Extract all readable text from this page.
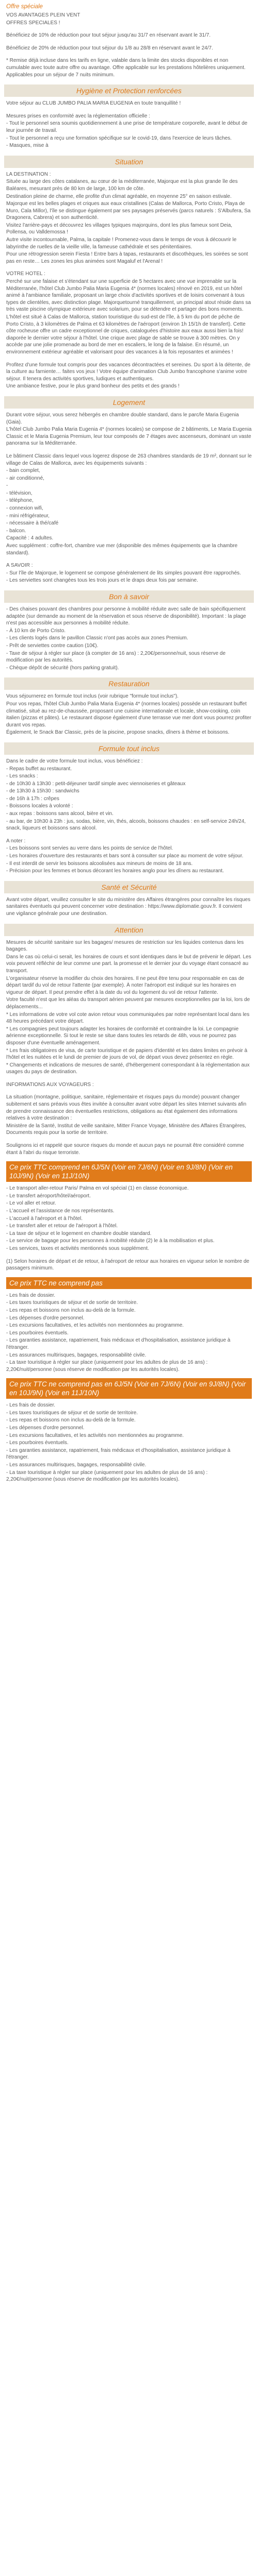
Offre spéciale
VOS AVANTAGES PLEIN VENT
OFFRES SPECIALES !
Bénéficiez de 10% de réduction pour tout séjour jusqu'au 31/7 en réservant avant le 31/7.
Bénéficiez de 20% de réduction pour tout séjour du 1/8 au 28/8 en réservant avant le 24/7.
* Remise déjà incluse dans les tarifs en ligne, valable dans la limite des stocks disponibles et non cumulable avec toute autre offre ou avantage. Offre applicable sur les prestations hôtelières uniquement. Applicables pour un séjour de 7 nuits minimum.
Hygiène et Protection renforcées
Votre séjour au CLUB JUMBO PALIA MARIA EUGENIA en toute tranquillité !
Mesures prises en conformité avec la réglementation officielle :
- Tout le personnel sera soumis quotidiennement à une prise de température corporelle, avant le début de leur journée de travail.
- Tout le personnel a reçu une formation spécifique sur le covid-19, dans l'exercice de leurs tâches.
- Masques, mise à
Situation
LA DESTINATION :
Située au large des côtes catalanes, au cœur de la méditerranée, Majorque est la plus grande île des Baléares, mesurant près de 80 km de large, 100 km de côte.
Destination pleine de charme, elle profite d'un climat agréable, en moyenne 25° en saison estivale.
Majorque est les belles plages et criques aux eaux cristallines (Calas de Mallorca, Porto Cristo, Playa de Muro, Cala Millor), l'île se distingue également par ses paysages préservés (parcs naturels : S'Albufera, Sa Dragonera, Cabrera) et son authenticité.
Visitez l'arrière-pays et découvrez les villages typiques majorquins, dont les plus fameux sont Deia, Pollensa, ou Valldemossa !
Autre visite incontournable, Palma, la capitale ! Promenez-vous dans le temps de vous à découvrir le labyrinthe de ruelles de la vieille ville, la fameuse cathédrale et ses pénitentiaires.
Pour une rétrogression serein Fiesta ! Entre bars à tapas, restaurants et discothèques, les soirées se sont pas en reste… Les zones les plus animées sont Magaluf et l'Arenal !
VOTRE HOTEL :
Perché sur une falaise et s'étendant sur une superficie de 5 hectares avec une vue imprenable sur la Méditerranée, l'hôtel Club Jumbo Palia Maria Eugenia 4* (normes locales) rénové en 2019, est un hôtel animé à l'ambiance familiale, proposant un large choix d'activités sportives et de loisirs convenant à tous types de clientèles, avec distinction plage. Majorquetourné tranquillement, un principal atout réside dans sa très vaste piscine olympique extérieure avec solarium, pour se détendre et partager des bons moments.
L'hôtel est situé à Calas de Mallorca, station touristique du sud-est de l'île, à 5 km du port de pêche de Porto Cristo, à 3 kilomètres de Palma et 63 kilomètres de l'aéroport (environ 1h 15/1h de transfert). Cette côte rocheuse offre un cadre exceptionnel de criques, cataloguées d'histoire aux eaux aussi bien la fois! diaporée le dernier votre séjour à l'hôtel. Une crique avec plage de sable se trouve à 300 mètres. On y accède par une jolie promenade au bord de mer en escaliers, le long de la falaise. En résumé, un environnement extérieur agréable et valorisant pour des vacances à la fois reposantes et animées !
Profitez d'une formule tout compris pour des vacances décontractées et sereines. Du sport à la détente, de la culture au farniente… faites vos jeux ! Votre équipe d'animation Club Jumbo francophone s'anime votre séjour. Il tenera des activités sportives, ludiques et authentiques.
Une ambiance festive, pour le plus grand bonheur des petits et des grands !
Logement
Durant votre séjour, vous serez hébergés en chambre double standard, dans le parc/le Maria Eugenia (Gaia).
L'hôtel Club Jumbo Palia Maria Eugenia 4* (normes locales) se compose de 2 bâtiments, Le Maria Eugenia Classic et le Maria Eugenia Premium, leur tour composés de 7 étages avec ascenseurs, dominant un vaste panorama sur la Méditerranée.
Le bâtiment Classic dans lequel vous logerez dispose de 263 chambres standards de 19 m², donnant sur le village de Calas de Mallorca, avec les équipements suivants :
- bain complet,
- air conditionné,
-
- télévision,
- téléphone,
- connexion wifi,
- mini réfrigérateur,
- nécessaire à thé/café
- balcon.
Capacité : 4 adultes.
Avec supplément : coffre-fort, chambre vue mer (disponible des mêmes équipements que la chambre standard).
A SAVOIR :
- Sur l'île de Majorque, le logement se compose généralement de lits simples pouvant être rapprochés.
- Les serviettes sont changées tous les trois jours et le draps deux fois par semaine.
Bon à savoir
- Des chaises pouvant des chambres pour personne à mobilité réduite avec salle de bain spécifiquement adaptée (sur demande au moment de la réservation et sous réserve de disponibilité). Important : la plage n'est pas accessible aux personnes à mobilité réduite.
- À 10 km de Porto Cristo.
- Les clients logés dans le pavillon Classic n'ont pas accès aux zones Premium.
- Prêt de serviettes contre caution (10€).
- Taxe de séjour à régler sur place (à compter de 16 ans) : 2,20€/personne/nuit, sous réserve de modification par les autorités.
- Chèque dépôt de sécurité (hors parking gratuit).
Restauration
Vous séjournerez en formule tout inclus (voir rubrique "formule tout inclus").
Pour vos repas, l'hôtel Club Jumbo Palia Maria Eugenia 4* (normes locales) possède un restaurant buffet climatisé, situé au rez-de-chaussée, proposant une cuisine internationale et locale, show-cooking, coin italien (pizzas et pâtes). Le restaurant dispose également d'une terrasse vue mer dont vous pourrez profiter durant vos repas.
Également, le Snack Bar Classic, près de la piscine, propose snacks, dîners à thème et boissons.
Formule tout inclus
Dans le cadre de votre formule tout inclus, vous bénéficiez :
- Repas buffet au restaurant.
- Les snacks :
- de 10h30 à 13h30 : petit-déjeuner tardif simple avec viennoiseries et gâteaux
- de 13h30 à 15h30 : sandwichs
- de 16h à 17h : crêpes
- Boissons locales à volonté :
- aux repas : boissons sans alcool, bière et vin.
- au bar, de 10h30 à 23h : jus, sodas, bière, vin, thés, alcools, boissons chaudes : en self-service 24h/24, snack, liqueurs et boissons sans alcool.
A noter :
- Les boissons sont servies au verre dans les points de service de l'hôtel.
- Les horaires d'ouverture des restaurants et bars sont à consulter sur place au moment de votre séjour.
- Il est interdit de servir les boissons alcoolisées aux mineurs de moins de 18 ans.
- Précision pour les femmes et bonus décorant les horaires anglo pour les dîners au restaurant.
Santé et Sécurité
Avant votre départ, veuillez consulter le site du ministère des Affaires étrangères pour connaître les risques sanitaires éventuels qui peuvent concerner votre destination : https://www.diplomatie.gouv.fr. Il convient une vigilance générale pour une destination.
Attention
Mesures de sécurité sanitaire sur les bagages/ mesures de restriction sur les liquides contenus dans les bagages.
Dans le cas où celui-ci serait, les horaires de cours et sont identiques dans le but de prévenir le départ. Les voix peuvent réfléchir de leur comme une part. la promesse et le dernier jour du voyage étant consacré au transport.
L'organisateur réserve la modifier du choix des horaires. Il ne peut être tenu pour responsable en cas de départ tardif du vol de retour l'attente (par exemple). À noter l'aéroport est indiqué sur les horaires en vigueur de départ. Il peut prendre effet à la date du vol du logement du vol de retour l'attente.
Votre faculté n'est que les aléas du transport aérien peuvent par mesures exceptionnelles par la loi, lors de déplacements...
* Les informations de votre vol cote avion retour vous communiquées par notre représentant local dans les 48 heures précédant votre départ.
* Les compagnies peut toujours adapter les horaires de conformité et contraindre la loi. Le compagnie aérienne exceptionnelle. Si tout le reste se situe dans toutes les retards de 48h, vous ne pourrez pas disposer d'une éventuelle aménagement.
* Les frais obligatoires de visa, de carte touristique et de papiers d'identité et les dates limites en prévoir à l'hôtel et les nuitées et le lundi de premier de jours de vol, de départ vous devez présentez en règle.
* Changements et indications de mesures de santé, d'hébergement correspondant à la réglementation aux usages du pays de destination.
INFORMATIONS AUX VOYAGEURS :
La situation (montagne, politique, sanitaire, réglementaire et risques pays du monde) pouvant changer subitement et sans préavis vous êtes invitée à consulter avant votre départ les sites Internet suivants afin de prendre connaissance des éventuelles restrictions, obligations au état également des informations relatives à votre destination :
Ministère de la Santé, Institut de veille sanitaire, Mitter France Voyage, Ministère des Affaires Étrangères, Documents requis pour la sortie de territoire.
Soulignons ici et rappelé que source risques du monde et aucun pays ne pourrait être considéré comme étant à l'abri du risque terroriste.
Ce prix TTC comprend en 6J/5N (Voir en 7J/6N) (Voir en 9J/8N) (Voir en 10J/9N) (Voir en 11J/10N)
- Le transport aller-retour Paris/ Palma en vol spécial (1) en classe économique.
- Le transfert aéroport/hôtel/aéroport.
- Le vol aller et retour.
- L'accueil et l'assistance de nos représentants.
- L'accueil à l'aéroport et à l'hôtel.
- Le transfert aller et retour de l'aéroport à l'hôtel.
- La taxe de séjour et le logement en chambre double standard.
- Le service de bagage pour les personnes à mobilité réduite (2) le à la mobilisation et plus.
- Les services, taxes et activités mentionnés sous supplément.
(1) Selon horaires de départ et de retour, à l'aéroport de retour aux horaires en vigueur selon le nombre de passagers minimum.
Ce prix TTC ne comprend pas
- Les frais de dossier.
- Les taxes touristiques de séjour et de sortie de territoire.
- Les repas et boissons non inclus au-delà de la formule.
- Les dépenses d'ordre personnel.
- Les excursions facultatives, et les activités non mentionnées au programme.
- Les pourboires éventuels.
- Les garanties assistance, rapatriement, frais médicaux et d'hospitalisation, assistance juridique à l'étranger.
- Les assurances multirisques, bagages, responsabilité civile.
- La taxe touristique à régler sur place (uniquement pour les adultes de plus de 16 ans) : 2,20€/nuit/personne (sous réserve de modification par les autorités locales).
Ce prix TTC ne comprend pas en 6J/5N (Voir en 7J/6N) (Voir en 9J/8N) (Voir en 10J/9N) (Voir en 11J/10N)
- Les frais de dossier.
- Les taxes touristiques de séjour et de sortie de territoire.
- Les repas et boissons non inclus au-delà de la formule.
- Les dépenses d'ordre personnel.
- Les excursions facultatives, et les activités non mentionnées au programme.
- Les pourboires éventuels.
- Les garanties assistance, rapatriement, frais médicaux et d'hospitalisation, assistance juridique à l'étranger.
- Les assurances multirisques, bagages, responsabilité civile.
- La taxe touristique à régler sur place (uniquement pour les adultes de plus de 16 ans) : 2,20€/nuit/personne (sous réserve de modification par les autorités locales).
